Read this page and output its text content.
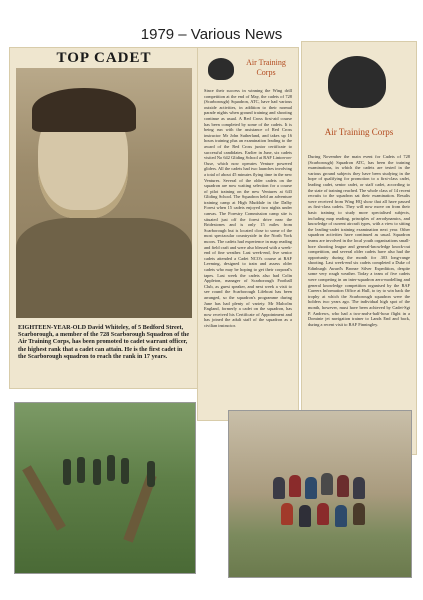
1979 – Various News
TOP CADET
EIGHTEEN-YEAR-OLD David Whiteley, of 5 Bedford Street, Scarborough, a member of the 728 Scarborough Squadron of the Air Training Corps, has been promoted to cadet warrant officer, the highest rank that a cadet can attain. He is the first cadet in the Scarborough squadron to reach the rank in 17 years.
Air Training Corps
Since their success in winning the Wing drill competition at the end of May, the cadets of 728 (Scarborough) Squadron, ATC, have had various outside activities, in addition to their normal parade nights when ground training and shooting continue as usual. A Red Cross first-aid course has been completed by some of the cadets. It is being run with the assistance of Red Cross instructor Mr John Sutherland, and takes up 16 hours training plus an examination leading to the award of the Red Cross junior certificate to successful candidates. Earlier in June, six cadets visited No 642 Gliding School at RAF Linton-on-Ouse, which now operates Venture powered gliders. All the cadets had two launches involving a total of about 45 minutes flying time in the new Ventures. Several of the older cadets on the squadron are now waiting selection for a course of pilot training on the new Ventures at 643 Gliding School. The Squadron held an adventure training camp at High Muddale in the Dalby Forest when 15 cadets enjoyed two nights under canvas. The Forestry Commission camp site is situated just off the forest drive near the Bridestones and is only 15 miles from Scarborough but is located close to some of the most spectacular countryside in the North York moors. The cadets had experience in map reading and field craft and were also blessed with a week-end of fine weather. Last week-end, five senior cadets attended a Cadet NCO's course at RAF Leeming, designed to train and assess older cadets who may be hoping to get their corporal's tapes. Last week the cadets also had Colin Appleton, manager of Scarborough Football Club, as guest speaker, and next week a visit to see round the Scarborough Lifeboat has been arranged, so the squadron's programme during June has had plenty of variety. Mr Malcolm England, formerly a cadet on the squadron, has now received his Certificate of Appointment and has joined the adult staff of the squadron as a civilian instructor.
Air Training Corps
During November the main event for Cadets of 728 (Scarborough) Squadron ATC, has been the training examinations, in which the cadets are tested in the various ground subjects they have been studying in the hope of qualifying for promotion to a first-class cadet, leading cadet, senior cadet, or staff cadet, according to the state of training reached. The whole class of 14 recent recruits to the squadron sat their examination. Results were received from Wing HQ show that all have passed as first-class cadets. They will now move on from their basic training to study more specialised subjects, including map reading, principles of aerodynamics, and knowledge of current aircraft types, with a view to sitting the leading-cadet training examination next year. Other squadron activities have continued as usual. Squadron teams are involved in the local youth organisations small-bore shooting league and general-knowledge knock-out competition, and several older cadets have also had the opportunity during the month for .303 long-range shooting. Last week-end six cadets completed a Duke of Edinburgh Award's Bronze Silver Expedition, despite some very rough weather. Today a team of five cadets were competing in an inter-squadron aero-modelling and general knowledge competition organised by the RAF Careers Information Office at Hull, to try to win back the trophy at which the Scarborough squadron were the holders two years ago. The individual high spot of the month, however, must have been achieved by Cadet-Sgt P. Andrews, who had a two-and-a-half-hour flight in a Dominie jet navigation trainer to Lands End and back, during a recent visit to RAF Finningley.
